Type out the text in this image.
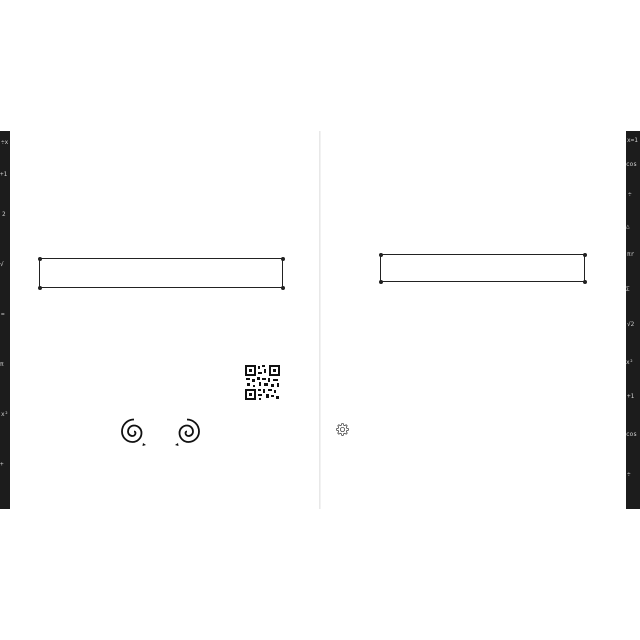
÷x
+1
2
√
=
π
x²
+
x=1
cos
÷
△
πr
Σ
√2
x²
+1
cos
÷
